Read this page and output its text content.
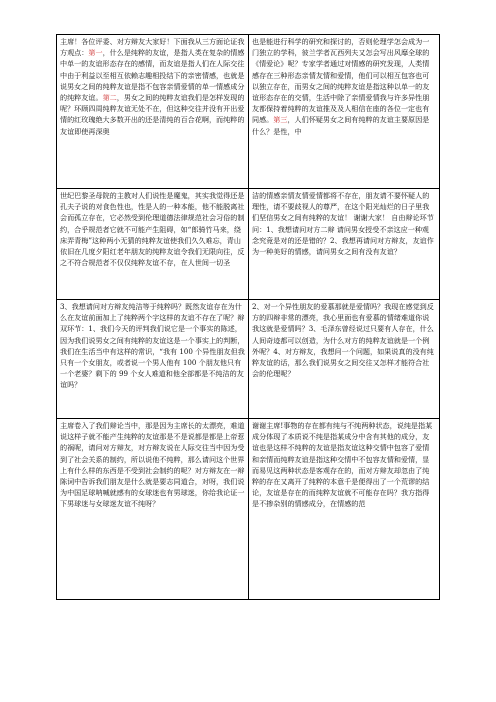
主席！各位评委、对方辩友大家好！下面我从三方面论证我方观点：第一，什么是纯粹的友谊，是指人类在复杂的情感中单一的友谊形态存在的感情，而友谊是指人们在人际交往中由于利益以至相互依赖志趣相投结下的亲密情感，也就是说男女之间的纯粹友谊是指不包容亲情爱情的单一情感成分的纯粹友谊。第二，男女之间的纯粹友谊我们是怎样发现的呢？环顾四周纯粹友谊无处不在，但这种交往并没有开出爱情的红玫瑰绝大多数开出的还是清纯的百合花啊，而纯粹的友谊即使再深奥
也是能进行科学的研究和探讨的，否则伦理学怎会成为一门独立的学科，彼兰学者瓦西列夫又怎会写出风靡全球的《情爱论》呢？专家学者通过对情感的研究发现，人类情感存在三种形态亲情友情和爱情，他们可以相互包容也可以独立存在，而男女之间的纯粹友谊是指这种以单一的友谊形态存在的交情，生活中除了亲情爱情我与许多异性朋友都保持着纯粹的友谊推及及人相信在座的各位一定也有同感。第三，人们怀疑男女之间有纯粹的友谊主要原因是什么？是性，中
世纪巴黎圣母院的主教对人们说性是魔鬼，其实我觉得还是孔夫子说的对食色性也，性是人的一种本能，他不能脱离社会而孤立存在，它必然受到伦理道德法律规范社会习俗的制约，合乎规范者它就不可能产生阻碍，如“郎骑竹马来，绕床弄青梅”这种两小无猜的纯粹友谊使我们久久难忘，青山依旧在几度夕阳红老年朋友的纯粹友谊令我们无限向往，反之不符合规范者不仅仅纯粹友谊不存，在人世间一切圣
洁的情感亲情友情爱情都将不存在，朋友请不要怀疑人的理性，请不要歧视人的尊严，在这个阳光灿烂的日子里我们坚信男女之间有纯粹的友谊！ 谢谢大家！ 自由辩论环节问：1、我想请问对方二辩 请问男女授受不亲这应一种观念究竟是对的还是错的？2、我想再请问对方辩友，友谊作为一种美好的情感，请问男女之间有没有友谊？
3、我想请问对方辩友纯洁等于纯粹吗？既然友谊存在为什么在友谊前面加上了纯粹两个字这样的友谊不存在了呢？辩双环节：1、我们今天的评判我们说它是一个事实的陈述，因为我们说男女之间有纯粹的友谊这是一个事实上的判断，我们在生活当中有这样的常识，“我有 100 个异性朋友但我只有一个女朋友，或者说一个男人他有 100 个朋友他只有一个老婆？剩下的 99 个女人难道和他全部都是不纯洁的友谊吗？
2、对一个异性朋友的爱慕那就是爱情吗？我现在感觉到反方的四辩非常的漂亮，我心里面也有爱慕的情绪难道你说我这就是爱情吗？3、毛泽东曾经说过只要有人存在，什么人间奇迹都可以创造，为什么对方的纯粹友谊就是一个例外呢？4、对方辩友，我想问一个问题，如果说真的没有纯粹友谊的话，那么我们说男女之间交往又怎样才能符合社会的伦理呢？
主席卷入了我们辩论当中，那是因为主席长的太漂亮，难道说这样子就不能产生纯粹的友谊那是不是说都是都是上帝惹的祸呢，请问对方辩友，对方辩友说在人际交往当中因为受到了社会关系的制约，所以说他不纯粹，那么请问这个世界上有什么样的东西是不受到社会制约的呢？对方辩友在一辩陈词中告诉我们朋友是什么就是要志同道合，对呀，我们说为中国足球呐喊就感有的女球迷也有男球迷，你给我论证一下男球迷与女球迷友谊不纯呀？
谢谢主席!事物的存在都有纯与不纯两种状态，说纯是指某成分体现了本质说不纯是指某成分中含有其他的成分，友谊也是这样不纯粹的友谊是指友谊这种交情中包容了爱情和亲情而纯粹友谊是指这种交情中不包容友情和爱情，显而易见这两种状态是客观存在的，而对方辩友却忽由了纯粹的存在又离开了纯粹的本意千是便得出了一个荒谬的结论，友谊是存在的而纯粹友谊就不可能存在吗？我方指得是不掺杂别的情感成分，在情感的范
